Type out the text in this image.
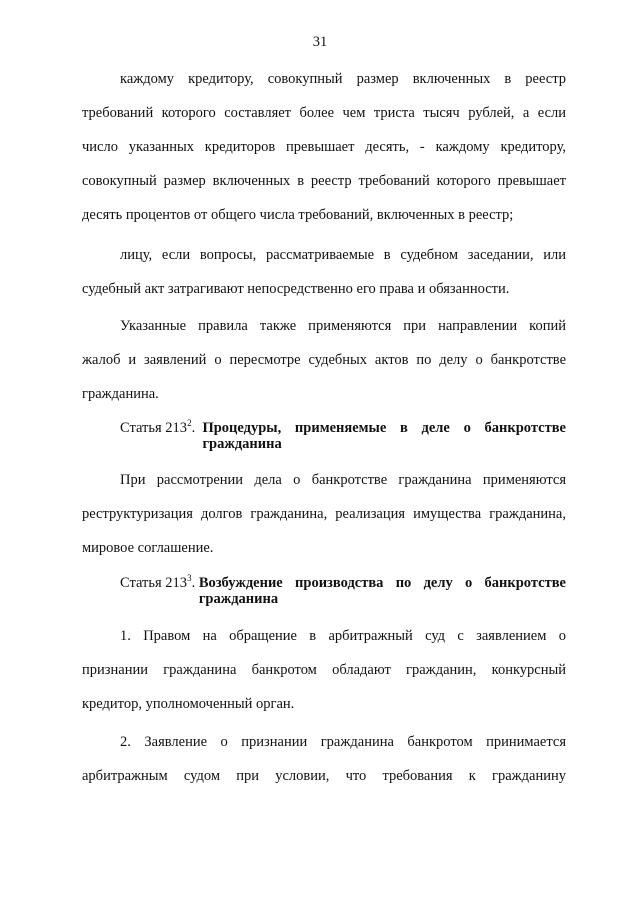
31
каждому кредитору, совокупный размер включенных в реестр
требований которого составляет более чем триста тысяч рублей, а если
число указанных кредиторов превышает десять, - каждому кредитору,
совокупный размер включенных в реестр требований которого превышает
десять процентов от общего числа требований, включенных в реестр;
лицу, если вопросы, рассматриваемые в судебном заседании, или
судебный акт затрагивают непосредственно его права и обязанности.
Указанные правила также применяются при направлении копий
жалоб и заявлений о пересмотре судебных актов по делу о банкротстве
гражданина.
Статья $213^2$. Процедуры, применяемые в деле о банкротстве
гражданина
При рассмотрении дела о банкротстве гражданина применяются
реструктуризация долгов гражданина, реализация имущества гражданина,
мировое соглашение.
Статья $213^3$. Возбуждение производства по делу о банкротстве
гражданина
1. Правом на обращение в арбитражный суд с заявлением о
признании гражданина банкротом обладают гражданин, конкурсный
кредитор, уполномоченный орган.
2. Заявление о признании гражданина банкротом принимается
арбитражным судом при условии, что требования к гражданину
